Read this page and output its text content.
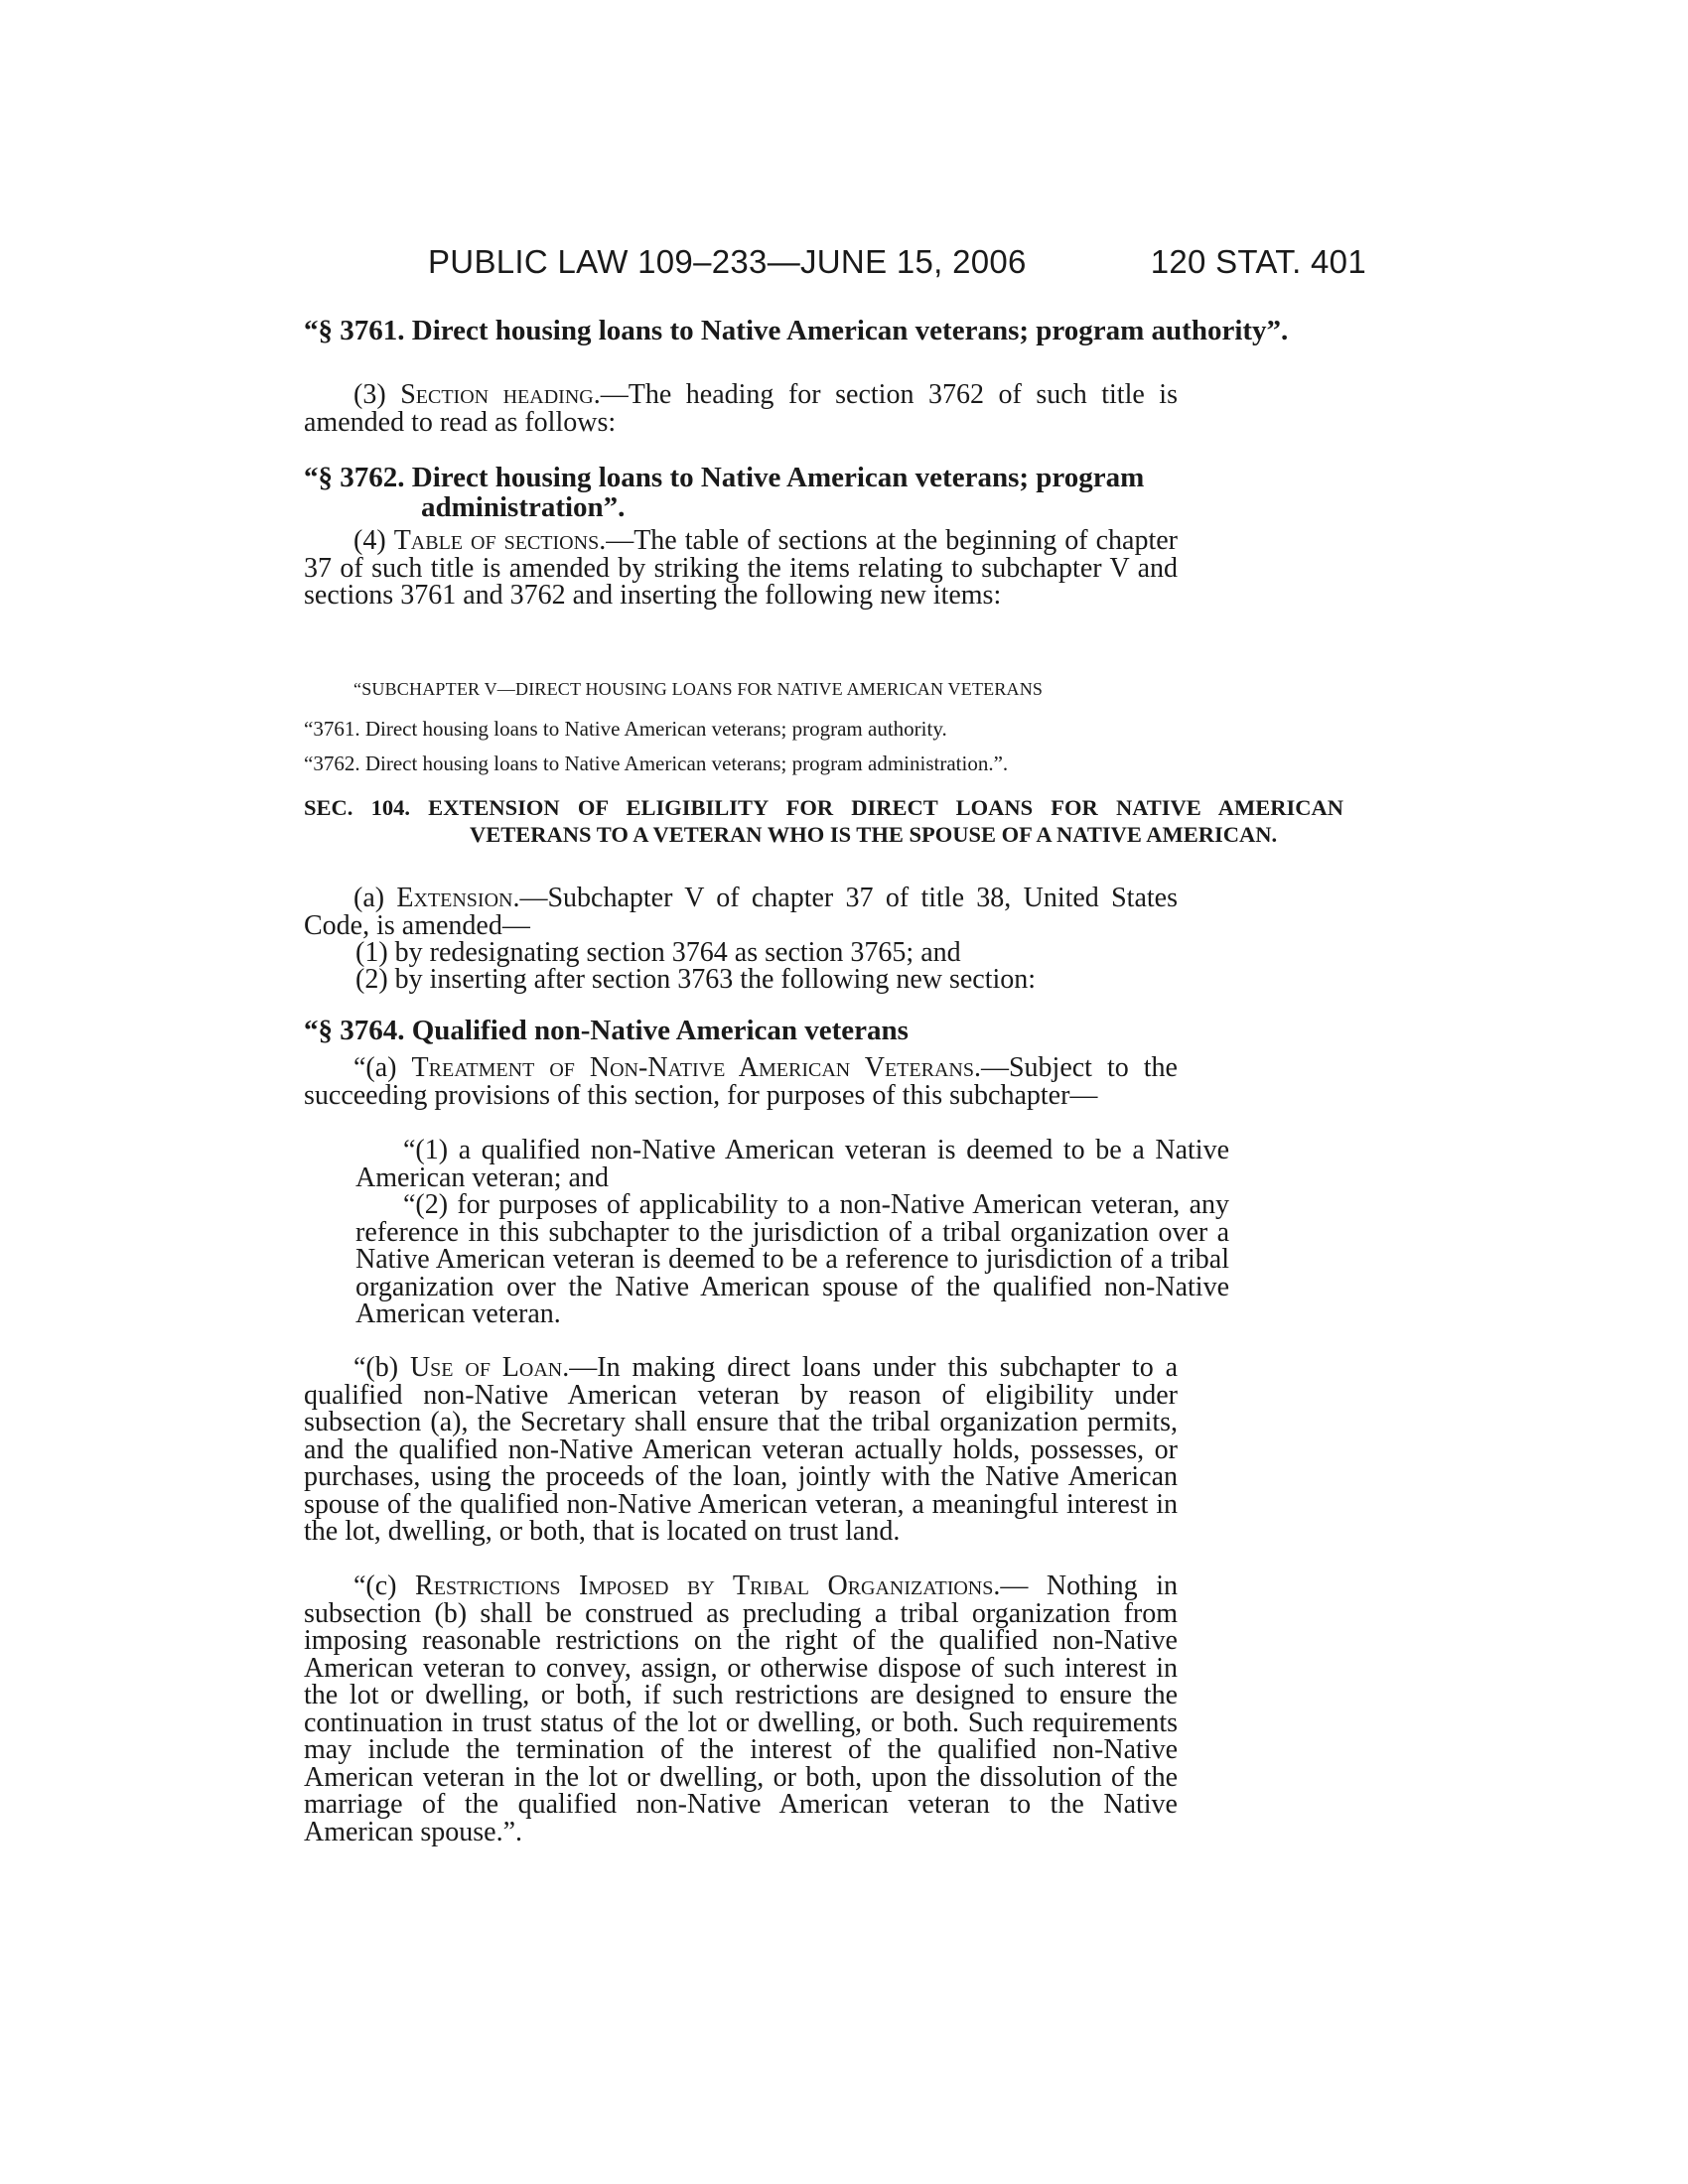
PUBLIC LAW 109–233—JUNE 15, 2006	120 STAT. 401
“§ 3761. Direct housing loans to Native American veterans; program authority”.

(3) Section heading.—The heading for section 3762 of such title is amended to read as follows:

“§ 3762. Direct housing loans to Native American veterans; program administration”.

(4) Table of sections.—The table of sections at the beginning of chapter 37 of such title is amended by striking the items relating to subchapter V and sections 3761 and 3762 and inserting the following new items:

“SUBCHAPTER V—DIRECT HOUSING LOANS FOR NATIVE AMERICAN VETERANS
“3761. Direct housing loans to Native American veterans; program authority.
“3762. Direct housing loans to Native American veterans; program administration.”.
SEC. 104. EXTENSION OF ELIGIBILITY FOR DIRECT LOANS FOR NATIVE AMERICAN VETERANS TO A VETERAN WHO IS THE SPOUSE OF A NATIVE AMERICAN.

(a) Extension.—Subchapter V of chapter 37 of title 38, United States Code, is amended—

(1) by redesignating section 3764 as section 3765; and

(2) by inserting after section 3763 the following new section:

“§ 3764. Qualified non-Native American veterans

“(a) Treatment of Non-Native American Veterans.—Subject to the succeeding provisions of this section, for purposes of this subchapter—

“(1) a qualified non-Native American veteran is deemed to be a Native American veteran; and

“(2) for purposes of applicability to a non-Native American veteran, any reference in this subchapter to the jurisdiction of a tribal organization over a Native American veteran is deemed to be a reference to jurisdiction of a tribal organization over the Native American spouse of the qualified non-Native American veteran.

“(b) Use of Loan.—In making direct loans under this subchapter to a qualified non-Native American veteran by reason of eligibility under subsection (a), the Secretary shall ensure that the tribal organization permits, and the qualified non-Native American veteran actually holds, possesses, or purchases, using the proceeds of the loan, jointly with the Native American spouse of the qualified non-Native American veteran, a meaningful interest in the lot, dwelling, or both, that is located on trust land.

“(c) Restrictions Imposed by Tribal Organizations.— Nothing in subsection (b) shall be construed as precluding a tribal organization from imposing reasonable restrictions on the right of the qualified non-Native American veteran to convey, assign, or otherwise dispose of such interest in the lot or dwelling, or both, if such restrictions are designed to ensure the continuation in trust status of the lot or dwelling, or both. Such requirements may include the termination of the interest of the qualified non-Native American veteran in the lot or dwelling, or both, upon the dissolution of the marriage of the qualified non-Native American veteran to the Native American spouse.”.
